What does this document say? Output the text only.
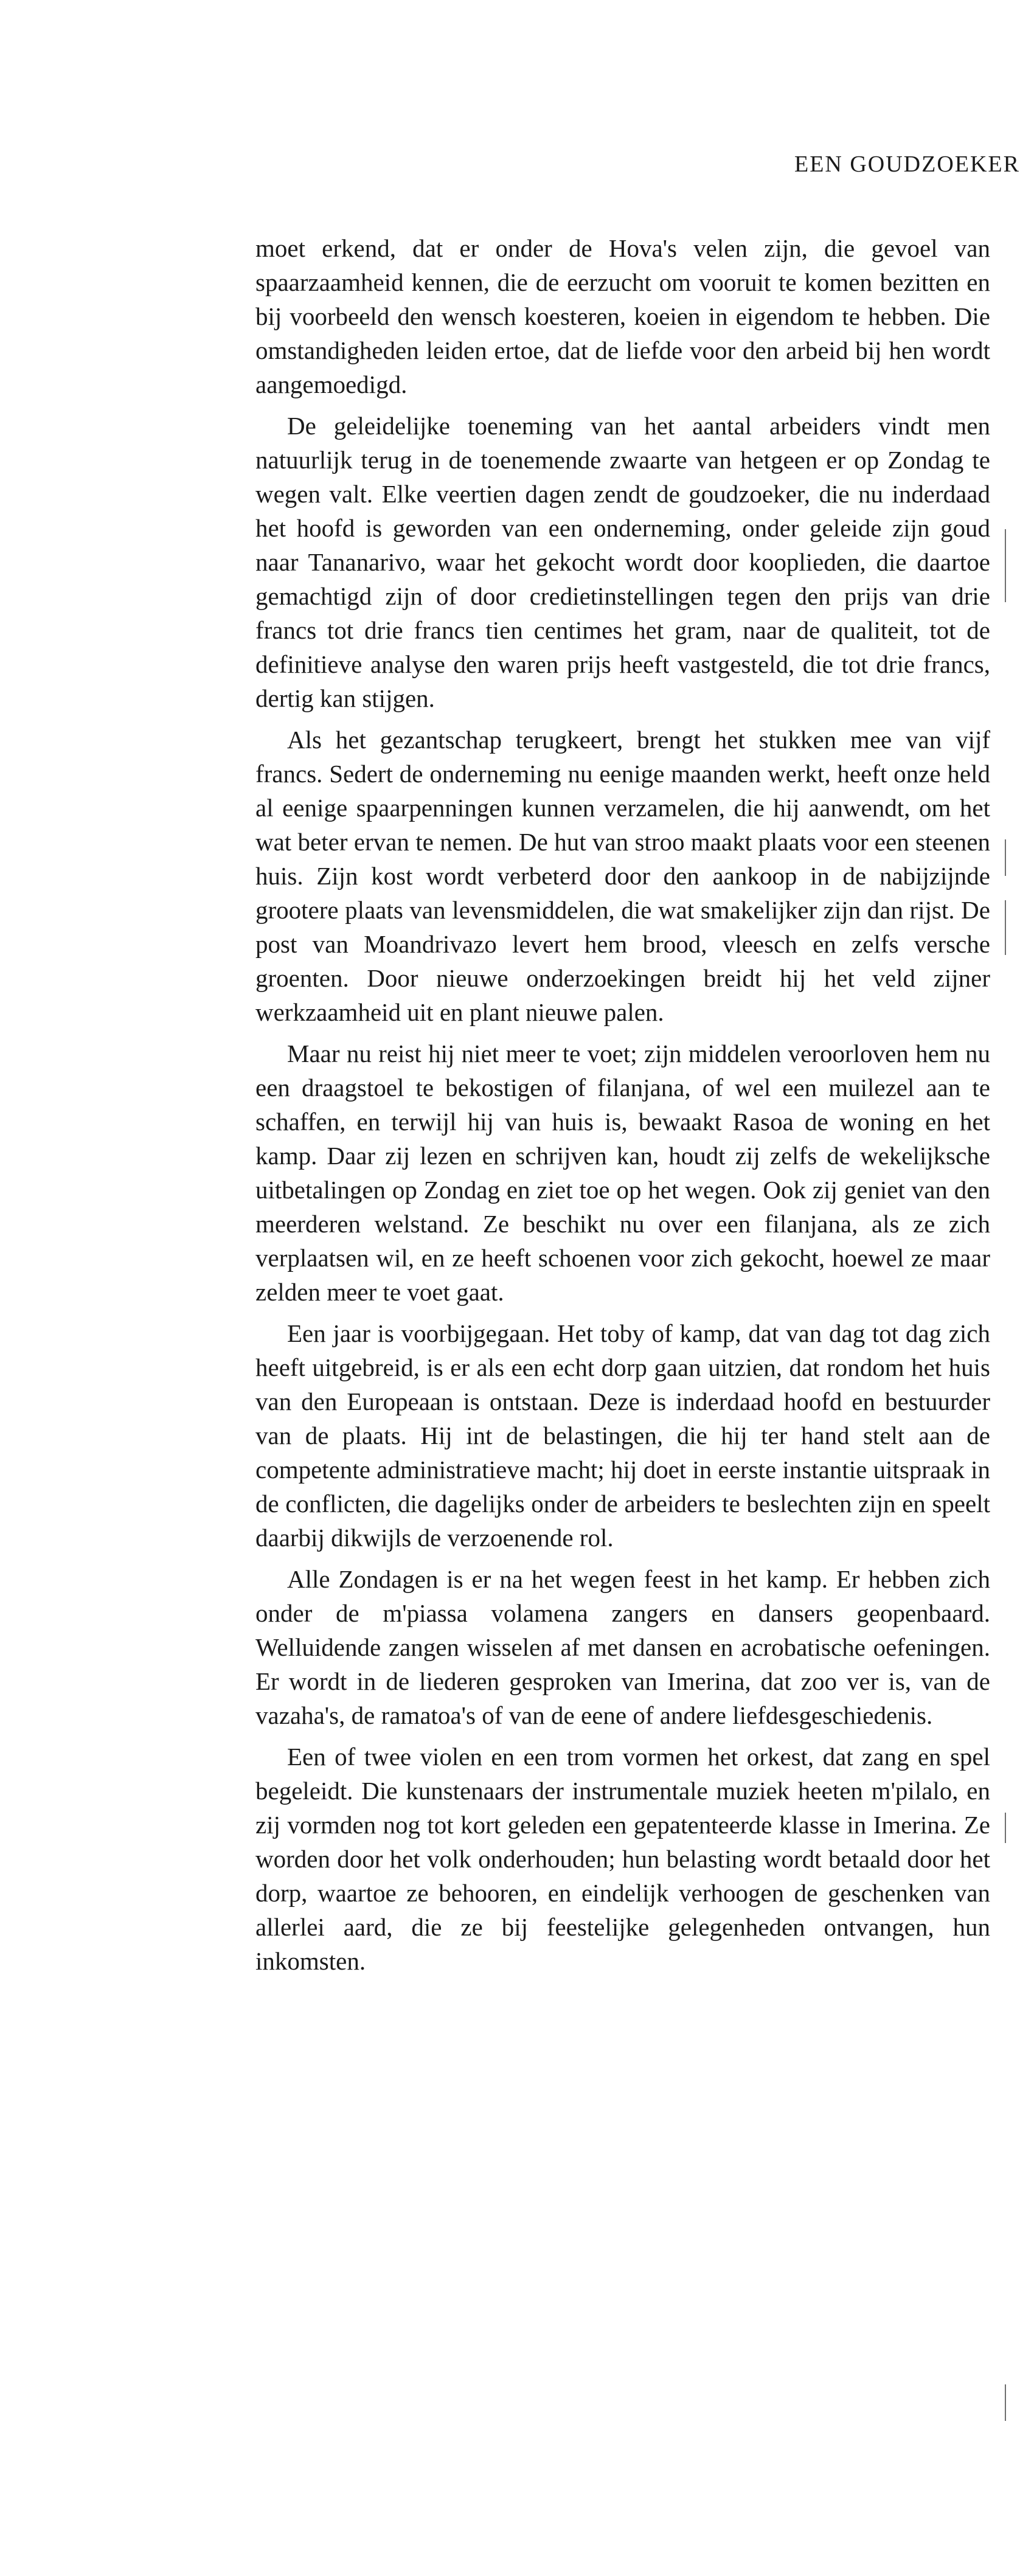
EEN GOUDZOEKER

moet erkend, dat er onder de Hova's velen zijn, die gevoel van spaarzaamheid kennen, die de eerzucht om vooruit te komen bezitten en bij voorbeeld den wensch koesteren, koeien in eigendom te hebben. Die omstandigheden leiden ertoe, dat de liefde voor den arbeid bij hen wordt aangemoedigd.

De geleidelijke toeneming van het aantal arbeiders vindt men natuurlijk terug in de toenemende zwaarte van hetgeen er op Zondag te wegen valt. Elke veertien dagen zendt de goudzoeker, die nu inderdaad het hoofd is geworden van een onderneming, onder geleide zijn goud naar Tananarivo, waar het gekocht wordt door kooplieden, die daartoe gemachtigd zijn of door credietinstellingen tegen den prijs van drie francs tot drie francs tien centimes het gram, naar de qualiteit, tot de definitieve analyse den waren prijs heeft vastgesteld, die tot drie francs, dertig kan stijgen.

Als het gezantschap terugkeert, brengt het stukken mee van vijf francs. Sedert de onderneming nu eenige maanden werkt, heeft onze held al eenige spaarpenningen kunnen verzamelen, die hij aanwendt, om het wat beter ervan te nemen. De hut van stroo maakt plaats voor een steenen huis. Zijn kost wordt verbeterd door den aankoop in de nabijzijnde grootere plaats van levensmiddelen, die wat smakelijker zijn dan rijst. De post van Moandrivazo levert hem brood, vleesch en zelfs versche groenten. Door nieuwe onderzoekingen breidt hij het veld zijner werkzaamheid uit en plant nieuwe palen.

Maar nu reist hij niet meer te voet; zijn middelen veroorloven hem nu een draagstoel te bekostigen of filanjana, of wel een muilezel aan te schaffen, en terwijl hij van huis is, bewaakt Rasoa de woning en het kamp. Daar zij lezen en schrijven kan, houdt zij zelfs de wekelijksche uitbetalingen op Zondag en ziet toe op het wegen. Ook zij geniet van den meerderen welstand. Ze beschikt nu over een filanjana, als ze zich verplaatsen wil, en ze heeft schoenen voor zich gekocht, hoewel ze maar zelden meer te voet gaat.

Een jaar is voorbijgegaan. Het toby of kamp, dat van dag tot dag zich heeft uitgebreid, is er als een echt dorp gaan uitzien, dat rondom het huis van den Europeaan is ontstaan. Deze is inderdaad hoofd en bestuurder van de plaats. Hij int de belastingen, die hij ter hand stelt aan de competente administratieve macht; hij doet in eerste instantie uitspraak in de conflicten, die dagelijks onder de arbeiders te beslechten zijn en speelt daarbij dikwijls de verzoenende rol.

Alle Zondagen is er na het wegen feest in het kamp. Er hebben zich onder de m'piassa volamena zangers en dansers geopenbaard. Welluidende zangen wisselen af met dansen en acrobatische oefeningen. Er wordt in de liederen gesproken van Imerina, dat zoo ver is, van de vazaha's, de ramatoa's of van de eene of andere liefdesgeschiedenis.

Een of twee violen en een trom vormen het orkest, dat zang en spel begeleidt. Die kunstenaars der instrumentale muziek heeten m'pilalo, en zij vormden nog tot kort geleden een gepatenteerde klasse in Imerina. Ze worden door het volk onderhouden; hun belasting wordt betaald door het dorp, waartoe ze behooren, en eindelijk verhoogen de geschenken van allerlei aard, die ze bij feestelijke gelegenheden ontvangen, hun inkomsten.
